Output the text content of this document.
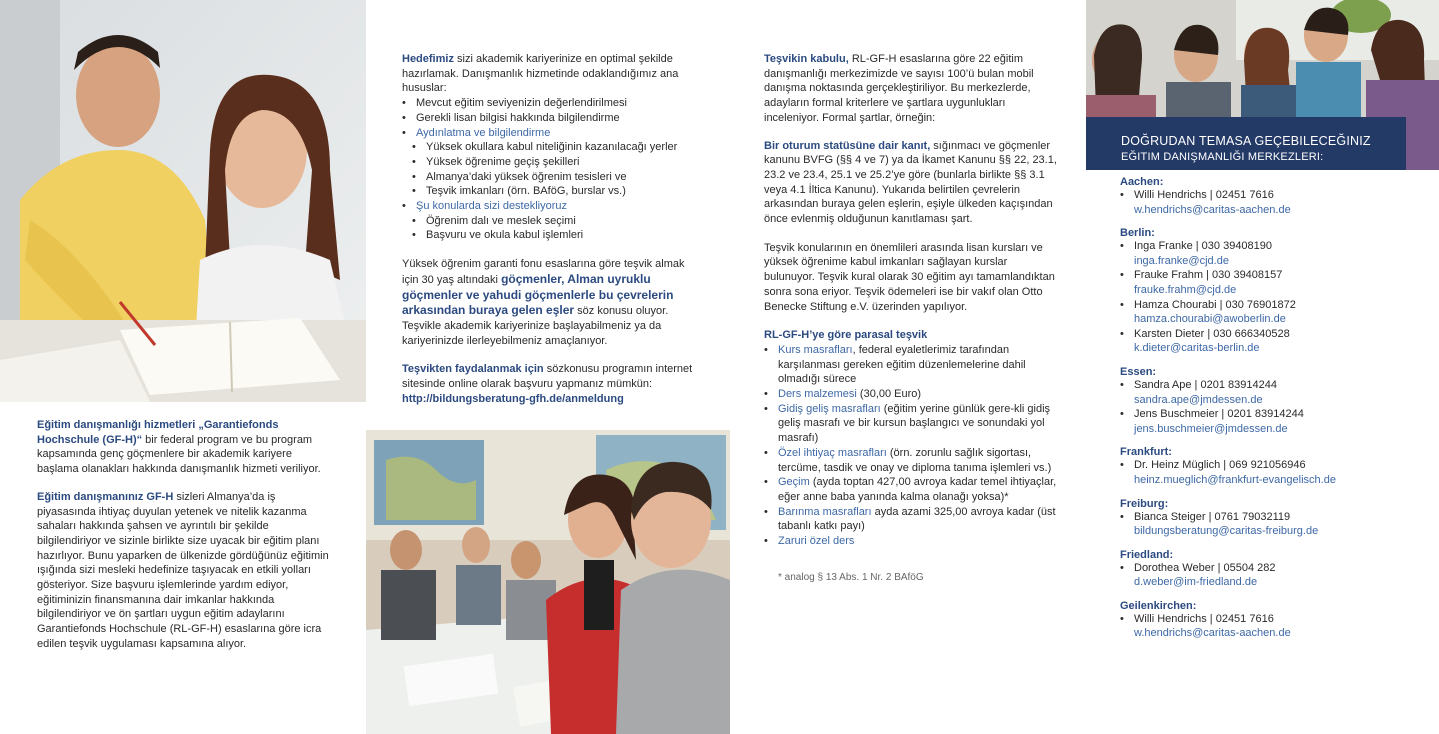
Eğitim danışmanlığı hizmetleri „Garantiefonds Hochschule (GF-H)“ bir federal program ve bu program kapsamında genç göçmenlere bir akademik kariyere başlama olanakları hakkında danışmanlık hizmeti veriliyor.

Eğitim danışmanınız GF-H sizleri Almanya’da iş piyasasında ihtiyaç duyulan yetenek ve nitelik kazanma sahaları hakkında şahsen ve ayrıntılı bir şekilde bilgilendiriyor ve sizinle birlikte size uyacak bir eğitim planı hazırlıyor. Bunu yaparken de ülkenizde gördüğünüz eğitimin ışığında sizi mesleki hedefinize taşıyacak en etkili yolları gösteriyor. Size başvuru işlemlerinde yardım ediyor, eğitiminizin finansmanına dair imkanlar hakkında bilgilendiriyor ve ön şartları uygun eğitim adaylarını Garantiefonds Hochschule (RL-GF-H) esaslarına göre icra edilen teşvik uygulaması kapsamına alıyor.

Hedefimiz sizi akademik kariyerinize en optimal şekilde hazırlamak. Danışmanlık hizmetinde odaklandığımız ana hususlar:

• Mevcut eğitim seviyenizin değerlendirilmesi
• Gerekli lisan bilgisi hakkında bilgilendirme
• Aydınlatma ve bilgilendirme
• Yüksek okullara kabul niteliğinin kazanılacağı yerler
• Yüksek öğrenime geçiş şekilleri
• Almanya’daki yüksek öğrenim tesisleri ve
• Teşvik imkanları (örn. BAföG, burslar vs.)
• Şu konularda sizi destekliyoruz
• Öğrenim dalı ve meslek seçimi
• Başvuru ve okula kabul işlemleri

Yüksek öğrenim garanti fonu esaslarına göre teşvik almak için 30 yaş altındaki göçmenler, Alman uyruklu göçmenler ve yahudi göçmenlerle bu çevrelerin arkasından buraya gelen eşler söz konusu oluyor. Teşvikle akademik kariyerinize başlayabilmeniz ya da kariyerinizde ilerleyebilmeniz amaçlanıyor.

Teşvikten faydalanmak için sözkonusu programın internet sitesinde online olarak başvuru yapmanız mümkün:

http://bildungsberatung-gfh.de/anmeldung

Teşvikin kabulu, RL-GF-H esaslarına göre 22 eğitim danışmanlığı merkezimizde ve sayısı 100’ü bulan mobil danışma noktasında gerçekleştiriliyor. Bu merkezlerde, adayların formal kriterlere ve şartlara uygunlukları inceleniyor. Formal şartlar, örneğin:

Bir oturum statüsüne dair kanıt, sığınmacı ve göçmenler kanunu BVFG (§§ 4 ve 7) ya da İkamet Kanunu §§ 22, 23.1, 23.2 ve 23.4, 25.1 ve 25.2’ye göre (bunlarla birlikte §§ 3.1 veya 4.1 İltica Kanunu). Yukarıda belirtilen çevrelerin arkasından buraya gelen eşlerin, eşiyle ülkeden kaçışından önce evlenmiş olduğunun kanıtlaması şart.

Teşvik konularının en önemlileri arasında lisan kursları ve yüksek öğrenime kabul imkanları sağlayan kurslar bulunuyor. Teşvik kural olarak 30 eğitim ayı tamamlandıktan sonra sona eriyor. Teşvik ödemeleri ise bir vakıf olan Otto Benecke Stiftung e.V. üzerinden yapılıyor.

RL-GF-H’ye göre parasal teşvik

• Kurs masrafları, federal eyaletlerimiz tarafından karşılanması gereken eğitim düzenlemelerine dahil olmadığı sürece
• Ders malzemesi (30,00 Euro)
• Gidiş geliş masrafları (eğitim yerine günlük gere-kli gidiş geliş masrafı ve bir kursun başlangıcı ve sonundaki yol masrafı)
• Özel ihtiyaç masrafları (örn. zorunlu sağlık sigortası, tercüme, tasdik ve onay ve diploma tanıma işlemleri vs.)
• Geçim (ayda toptan 427,00 avroya kadar temel ihtiyaçlar, eğer anne baba yanında kalma olanağı yoksa)*
• Barınma masrafları ayda azami 325,00 avroya kadar (üst tabanlı katkı payı)
• Zaruri özel ders

* analog § 13 Abs. 1 Nr. 2 BAföG

DOĞRUDAN TEMASA GEÇEBILECEĞINIZ
EĞITIM DANIŞMANLIĞI MERKEZLERI:
Aachen:
• Willi Hendrichs | 02451 7616
w.hendrichs@caritas-aachen.de
Berlin:
• Inga Franke | 030 39408190
inga.franke@cjd.de
• Frauke Frahm | 030 39408157
frauke.frahm@cjd.de
• Hamza Chourabi | 030 76901872
hamza.chourabi@awoberlin.de
• Karsten Dieter | 030 666340528
k.dieter@caritas-berlin.de
Essen:
• Sandra Ape | 0201 83914244
sandra.ape@jmdessen.de
• Jens Buschmeier | 0201 83914244
jens.buschmeier@jmdessen.de
Frankfurt:
• Dr. Heinz Müglich | 069 921056946
heinz.mueglich@frankfurt-evangelisch.de
Freiburg:
• Bianca Steiger | 0761 79032119
bildungsberatung@caritas-freiburg.de
Friedland:
• Dorothea Weber | 05504 282
d.weber@im-friedland.de
Geilenkirchen:
• Willi Hendrichs | 02451 7616
w.hendrichs@caritas-aachen.de
